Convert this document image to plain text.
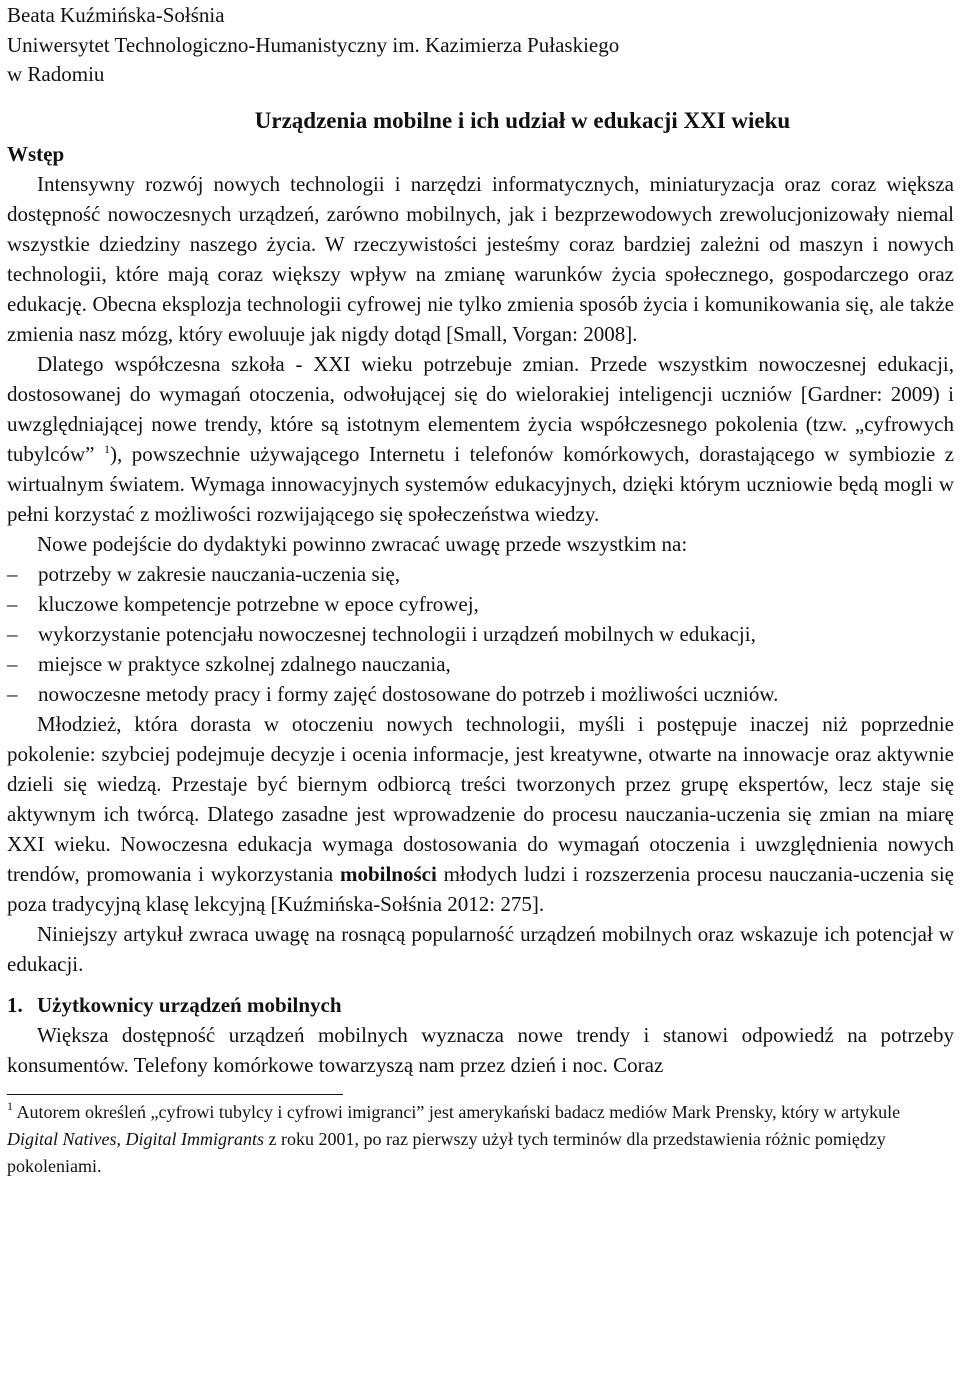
Beata Kuźmińska-Sołśnia
Uniwersytet Technologiczno-Humanistyczny im. Kazimierza Pułaskiego
w Radomiu
Urządzenia mobilne i ich udział w edukacji XXI wieku
Wstęp

Intensywny rozwój nowych technologii i narzędzi informatycznych, miniaturyzacja oraz coraz większa dostępność nowoczesnych urządzeń, zarówno mobilnych, jak i bezprzewodowych zrewolucjonizowały niemal wszystkie dziedziny naszego życia. W rzeczywistości jesteśmy coraz bardziej zależni od maszyn i nowych technologii, które mają coraz większy wpływ na zmianę warunków życia społecznego, gospodarczego oraz edukację. Obecna eksplozja technologii cyfrowej nie tylko zmienia sposób życia i komunikowania się, ale także zmienia nasz mózg, który ewoluuje jak nigdy dotąd [Small, Vorgan: 2008].

Dlatego współczesna szkoła - XXI wieku potrzebuje zmian. Przede wszystkim nowoczesnej edukacji, dostosowanej do wymagań otoczenia, odwołującej się do wielorakiej inteligencji uczniów [Gardner: 2009) i uwzględniającej nowe trendy, które są istotnym elementem życia współczesnego pokolenia (tzw. „cyfrowych tubylców” $^1$), powszechnie używającego Internetu i telefonów komórkowych, dorastającego w symbiozie z wirtualnym światem. Wymaga innowacyjnych systemów edukacyjnych, dzięki którym uczniowie będą mogli w pełni korzystać z możliwości rozwijającego się społeczeństwa wiedzy.

Nowe podejście do dydaktyki powinno zwracać uwagę przede wszystkim na:

– potrzeby w zakresie nauczania-uczenia się,
– kluczowe kompetencje potrzebne w epoce cyfrowej,
– wykorzystanie potencjału nowoczesnej technologii i urządzeń mobilnych w edukacji,
– miejsce w praktyce szkolnej zdalnego nauczania,
– nowoczesne metody pracy i formy zajęć dostosowane do potrzeb i możliwości uczniów.

Młodzież, która dorasta w otoczeniu nowych technologii, myśli i postępuje inaczej niż poprzednie pokolenie: szybciej podejmuje decyzje i ocenia informacje, jest kreatywne, otwarte na innowacje oraz aktywnie dzieli się wiedzą. Przestaje być biernym odbiorcą treści tworzonych przez grupę ekspertów, lecz staje się aktywnym ich twórcą. Dlatego zasadne jest wprowadzenie do procesu nauczania-uczenia się zmian na miarę XXI wieku. Nowoczesna edukacja wymaga dostosowania do wymagań otoczenia i uwzględnienia nowych trendów, promowania i wykorzystania mobilności młodych ludzi i rozszerzenia procesu nauczania-uczenia się poza tradycyjną klasę lekcyjną [Kuźmińska-Sołśnia 2012: 275].

Niniejszy artykuł zwraca uwagę na rosnącą popularność urządzeń mobilnych oraz wskazuje ich potencjał w edukacji.

1. Użytkownicy urządzeń mobilnych

Większa dostępność urządzeń mobilnych wyznacza nowe trendy i stanowi odpowiedź na potrzeby konsumentów. Telefony komórkowe towarzyszą nam przez dzień i noc. Coraz

$^1$ Autorem określeń „cyfrowi tubylcy i cyfrowi imigranci” jest amerykański badacz mediów Mark Prensky, który w artykule Digital Natives, Digital Immigrants z roku 2001, po raz pierwszy użył tych terminów dla przedstawienia różnic pomiędzy pokoleniami.
